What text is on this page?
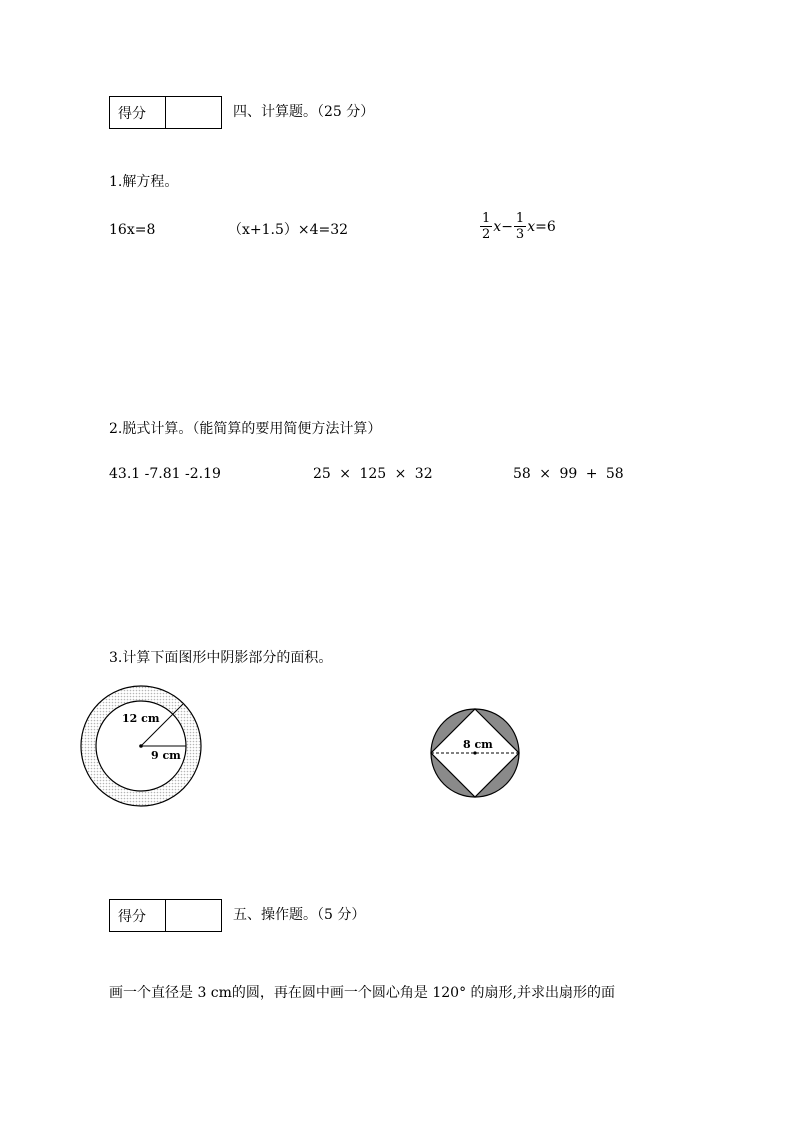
得分	四、计算题。（25 分）
1.解方程。
16x=8	（x+1.5）×4=32	$\frac{1}{2}$ $x - \frac{1}{3}$ x =6
2.脱式计算。（能简算的要用简便方法计算）
43.1 -7.81 -2.19	25 × 125 × 32	58 × 99 + 58
3.计算下面图形中阴影部分的面积。
12 cm
9 cm
8 cm
得分	五、操作题。（5 分）
画一个直径是 3 cm的圆，再在圆中画一个圆心角是 120° 的扇形,并求出扇形的面
